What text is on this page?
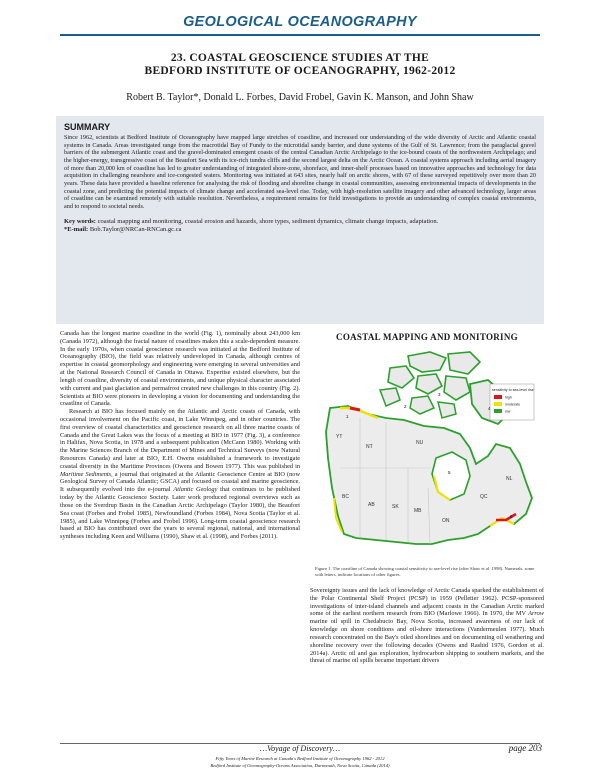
GEOLOGICAL OCEANOGRAPHY
23. COASTAL GEOSCIENCE STUDIES AT THE
BEDFORD INSTITUTE OF OCEANOGRAPHY, 1962-2012
Robert B. Taylor*, Donald L. Forbes, David Frobel, Gavin K. Manson, and John Shaw
SUMMARY
Since 1962, scientists at Bedford Institute of Oceanography have mapped large stretches of coastline, and increased our understanding of the wide diversity of Arctic and Atlantic coastal systems in Canada. Areas investigated range from the macrotidal Bay of Fundy to the microtidal sandy barrier, and dune systems of the Gulf of St. Lawrence; from the paraglacial gravel barriers of the submergent Atlantic coast and the gravel-dominated emergent coasts of the central Canadian Arctic Archipelago to the ice-bound coasts of the northwestern Archipelago; and the higher-energy, transgressive coast of the Beaufort Sea with its ice-rich tundra cliffs and the second largest delta on the Arctic Ocean. A coastal systems approach including aerial imagery of more than 20,000 km of coastline has led to greater understanding of integrated shore-zone, shoreface, and inner-shelf processes based on innovative approaches and technology for data acquisition in challenging nearshore and ice-congested waters. Monitoring was initiated at 643 sites, nearly half on arctic shores, with 67 of these surveyed repetitively over more than 20 years. These data have provided a baseline reference for analysing the risk of flooding and shoreline change in coastal communities, assessing environmental impacts of developments in the coastal zone, and predicting the potential impacts of climate change and accelerated sea-level rise. Today, with high-resolution satellite imagery and other advanced technology, larger areas of coastline can be examined remotely with suitable resolution. Nevertheless, a requirement remains for field investigations to provide an understanding of complex coastal environments, and to respond to societal needs.
Key words: coastal mapping and monitoring, coastal erosion and hazards, shore types, sediment dynamics, climate change impacts, adaptation.
*E-mail: Bob.Taylor@NRCan-RNCan.gc.ca

Canada has the longest marine coastline in the world (Fig. 1), nominally about 243,000 km (Canada 1972), although the fractal nature of coastlines makes this a scale-dependent measure. In the early 1970s, when coastal geoscience research was initiated at the Bedford Institute of Oceanography (BIO), the field was relatively undeveloped in Canada, although centres of expertise in coastal geomorphology and engineering were emerging in several universities and at the National Research Council of Canada in Ottawa. Expertise existed elsewhere, but the length of coastline, diversity of coastal environments, and unique physical character associated with current and past glaciation and permafrost created new challenges in this country (Fig. 2). Scientists at BIO were pioneers in developing a vision for documenting and understanding the coastline of Canada.

Research at BIO has focused mainly on the Atlantic and Arctic coasts of Canada, with occasional involvement on the Pacific coast, in Lake Winnipeg, and in other countries. The first overview of coastal characteristics and geoscience research on all three marine coasts of Canada and the Great Lakes was the focus of a meeting at BIO in 1977 (Fig. 3), a conference in Halifax, Nova Scotia, in 1978 and a subsequent publication (McCann 1980). Working with the Marine Sciences Branch of the Department of Mines and Technical Surveys (now Natural Resources Canada) and later at BIO, E.H. Owens established a framework to investigate coastal diversity in the Maritime Provinces (Owens and Bowen 1977). This was published in Maritime Sediments, a journal that originated at the Atlantic Geoscience Centre at BIO (now Geological Survey of Canada Atlantic; GSCA) and focused on coastal and marine geoscience. It subsequently evolved into the e-journal Atlantic Geology that continues to be published today by the Atlantic Geoscience Society. Later work produced regional overviews such as those on the Sverdrup Basin in the Canadian Arctic Archipelago (Taylor 1980), the Beaufort Sea coast (Forbes and Frobel 1985), Newfoundland (Forbes 1984), Nova Scotia (Taylor et al. 1985), and Lake Winnipeg (Forbes and Frobel 1996). Long-term coastal geoscience research based at BIO has contributed over the years to several regional, national, and international syntheses including Keen and Williams (1990), Shaw et al. (1998), and Forbes (2011).

COASTAL MAPPING AND MONITORING
sensitivity to sea-level rise
high
moderate
low
YT
NT
NU
BC
AB	SK
MB
ON
QC
NL
1
2
3
4
5
6
Figure 1. The coastline of Canada showing coastal sensitivity to sea-level rise (after Shaw et al. 1998). Numerals, some with letters, indicate locations of other figures.

Sovereignty issues and the lack of knowledge of Arctic Canada sparked the establishment of the Polar Continental Shelf Project (PCSP) in 1959 (Pelletier 1962). PCSP-sponsored investigations of inter-island channels and adjacent coasts in the Canadian Arctic marked some of the earliest northern research from BIO (Marlowe 1966). In 1970, the MV Arrow marine oil spill in Chedabucto Bay, Nova Scotia, increased awareness of our lack of knowledge on shore conditions and oil-shore interactions (Vandermeulen 1977). Much research concentrated on the Bay's oiled shorelines and on documenting oil weathering and shoreline recovery over the following decades (Owens and Rashid 1976, Gordon et al. 2014a). Arctic oil and gas exploration, hydrocarbon shipping to southern markets, and the threat of marine oil spills became important drivers

…Voyage of Discovery…	page 203
Fifty Years of Marine Research at Canada's Bedford Institute of Oceanography 1962 - 2012
Bedford Institute of Oceanography-Oceans Association, Dartmouth, Nova Scotia, Canada (2014)
